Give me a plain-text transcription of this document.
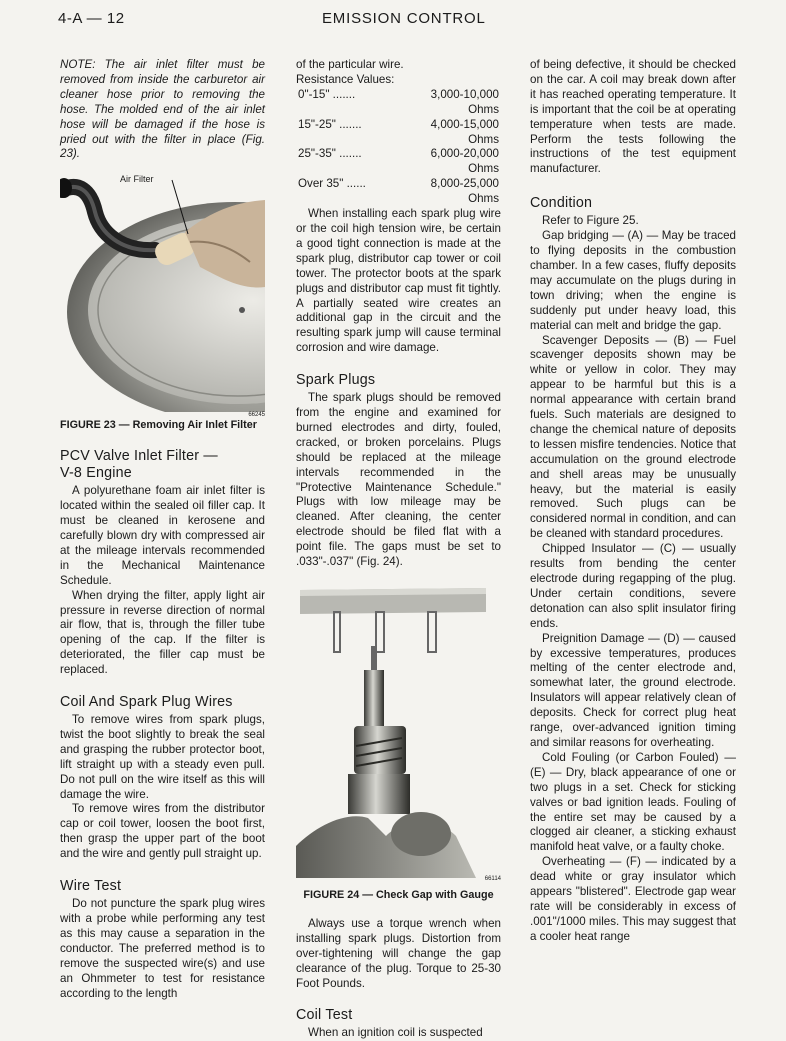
4-A — 12	EMISSION CONTROL
NOTE: The air inlet filter must be removed from inside the carburetor air cleaner hose prior to removing the hose. The molded end of the air inlet hose will be damaged if the hose is pried out with the filter in place (Fig. 23).
Air Filter
66245
FIGURE 23 — Removing Air Inlet Filter
PCV Valve Inlet Filter —
V-8 Engine

A polyurethane foam air inlet filter is located within the sealed oil filler cap. It must be cleaned in kerosene and carefully blown dry with compressed air at the mileage intervals recommended in the Mechanical Maintenance Schedule.

When drying the filter, apply light air pressure in reverse direction of normal air flow, that is, through the filler tube opening of the cap. If the filter is deteriorated, the filler cap must be replaced.

Coil And Spark Plug Wires

To remove wires from spark plugs, twist the boot slightly to break the seal and grasping the rubber protector boot, lift straight up with a steady even pull. Do not pull on the wire itself as this will damage the wire.

To remove wires from the distributor cap or coil tower, loosen the boot first, then grasp the upper part of the boot and the wire and gently pull straight up.

Wire Test

Do not puncture the spark plug wires with a probe while performing any test as this may cause a separation in the conductor. The preferred method is to remove the suspected wire(s) and use an Ohmmeter to test for resistance according to the length

of the particular wire.

Resistance Values:

0"-15" .......	3,000-10,000 Ohms
15"-25" .......	4,000-15,000 Ohms
25"-35" .......	6,000-20,000 Ohms
Over 35" ......	8,000-25,000 Ohms

When installing each spark plug wire or the coil high tension wire, be certain a good tight connection is made at the spark plug, distributor cap tower or coil tower. The protector boots at the spark plugs and distributor cap must fit tightly. A partially seated wire creates an additional gap in the circuit and the resulting spark jump will cause terminal corrosion and wire damage.

Spark Plugs

The spark plugs should be removed from the engine and examined for burned electrodes and dirty, fouled, cracked, or broken porcelains. Plugs should be replaced at the mileage intervals recommended in the "Protective Maintenance Schedule." Plugs with low mileage may be cleaned. After cleaning, the center electrode should be filed flat with a point file. The gaps must be set to .033"-.037" (Fig. 24).

66114
FIGURE 24 — Check Gap with Gauge

Always use a torque wrench when installing spark plugs. Distortion from over-tightening will change the gap clearance of the plug. Torque to 25-30 Foot Pounds.

Coil Test

When an ignition coil is suspected

of being defective, it should be checked on the car. A coil may break down after it has reached operating temperature. It is important that the coil be at operating temperature when tests are made. Perform the tests following the instructions of the test equipment manufacturer.

Condition

Refer to Figure 25.

Gap bridging — (A) — May be traced to flying deposits in the combustion chamber. In a few cases, fluffy deposits may accumulate on the plugs during in town driving; when the engine is suddenly put under heavy load, this material can melt and bridge the gap.

Scavenger Deposits — (B) — Fuel scavenger deposits shown may be white or yellow in color. They may appear to be harmful but this is a normal appearance with certain brand fuels. Such materials are designed to change the chemical nature of deposits to lessen misfire tendencies. Notice that accumulation on the ground electrode and shell areas may be unusually heavy, but the material is easily removed. Such plugs can be considered normal in condition, and can be cleaned with standard procedures.

Chipped Insulator — (C) — usually results from bending the center electrode during regapping of the plug. Under certain conditions, severe detonation can also split insulator firing ends.

Preignition Damage — (D) — caused by excessive temperatures, produces melting of the center electrode and, somewhat later, the ground electrode. Insulators will appear relatively clean of deposits. Check for correct plug heat range, over-advanced ignition timing and similar reasons for overheating.

Cold Fouling (or Carbon Fouled) — (E) — Dry, black appearance of one or two plugs in a set. Check for sticking valves or bad ignition leads. Fouling of the entire set may be caused by a clogged air cleaner, a sticking exhaust manifold heat valve, or a faulty choke.

Overheating — (F) — indicated by a dead white or gray insulator which appears "blistered". Electrode gap wear rate will be considerably in excess of .001"/1000 miles. This may suggest that a cooler heat range
